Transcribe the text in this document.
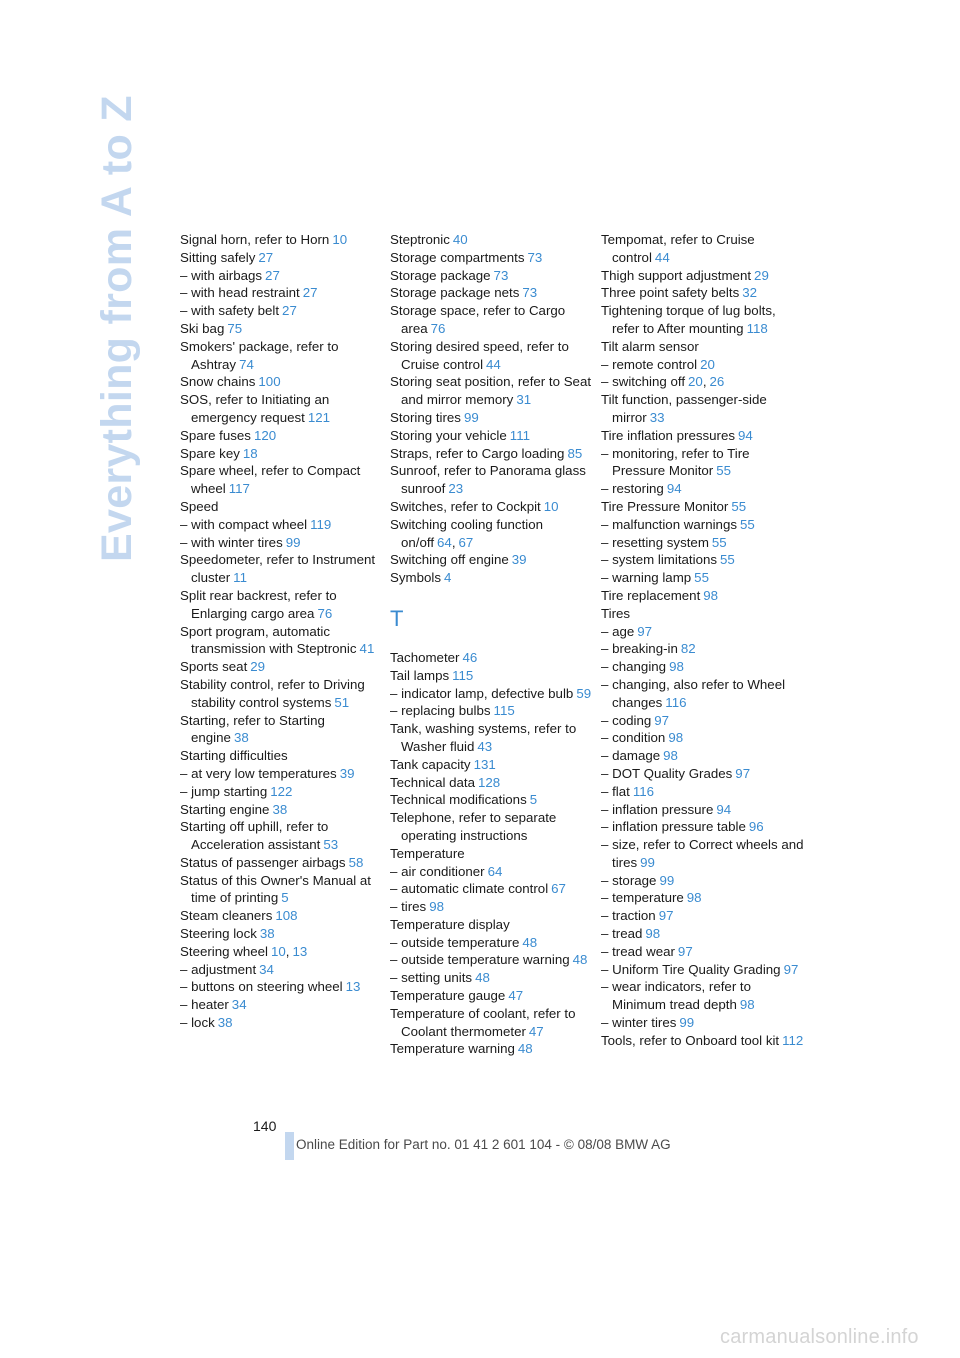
Everything from A to Z	Signal horn, refer to Horn 10
Sitting safely 27
– with airbags 27
– with head restraint 27
– with safety belt 27
Ski bag 75
Smokers' package, refer to Ashtray 74
Snow chains 100
SOS, refer to Initiating an emergency request 121
Spare fuses 120
Spare key 18
Spare wheel, refer to Compact wheel 117
Speed
– with compact wheel 119
– with winter tires 99
Speedometer, refer to Instrument cluster 11
Split rear backrest, refer to Enlarging cargo area 76
Sport program, automatic transmission with Steptronic 41
Sports seat 29
Stability control, refer to Driving stability control systems 51
Starting, refer to Starting engine 38
Starting difficulties
– at very low temperatures 39
– jump starting 122
Starting engine 38
Starting off uphill, refer to Acceleration assistant 53
Status of passenger airbags 58
Status of this Owner's Manual at time of printing 5
Steam cleaners 108
Steering lock 38
Steering wheel 10, 13
– adjustment 34
– buttons on steering wheel 13
– heater 34
– lock 38
Steptronic 40
Storage compartments 73
Storage package 73
Storage package nets 73
Storage space, refer to Cargo area 76
Storing desired speed, refer to Cruise control 44
Storing seat position, refer to Seat and mirror memory 31
Storing tires 99
Storing your vehicle 111
Straps, refer to Cargo loading 85
Sunroof, refer to Panorama glass sunroof 23
Switches, refer to Cockpit 10
Switching cooling function on/off 64, 67
Switching off engine 39
Symbols 4
T
Tachometer 46
Tail lamps 115
– indicator lamp, defective bulb 59
– replacing bulbs 115
Tank, washing systems, refer to Washer fluid 43
Tank capacity 131
Technical data 128
Technical modifications 5
Telephone, refer to separate operating instructions
Temperature
– air conditioner 64
– automatic climate control 67
– tires 98
Temperature display
– outside temperature 48
– outside temperature warning 48
– setting units 48
Temperature gauge 47
Temperature of coolant, refer to Coolant thermometer 47
Temperature warning 48
Tempomat, refer to Cruise control 44
Thigh support adjustment 29
Three point safety belts 32
Tightening torque of lug bolts, refer to After mounting 118
Tilt alarm sensor
– remote control 20
– switching off 20, 26
Tilt function, passenger-side mirror 33
Tire inflation pressures 94
– monitoring, refer to Tire Pressure Monitor 55
– restoring 94
Tire Pressure Monitor 55
– malfunction warnings 55
– resetting system 55
– system limitations 55
– warning lamp 55
Tire replacement 98
Tires
– age 97
– breaking-in 82
– changing 98
– changing, also refer to Wheel changes 116
– coding 97
– condition 98
– damage 98
– DOT Quality Grades 97
– flat 116
– inflation pressure 94
– inflation pressure table 96
– size, refer to Correct wheels and tires 99
– storage 99
– temperature 98
– traction 97
– tread 98
– tread wear 97
– Uniform Tire Quality Grading 97
– wear indicators, refer to Minimum tread depth 98
– winter tires 99
Tools, refer to Onboard tool kit 112
140
Online Edition for Part no. 01 41 2 601 104 - © 08/08 BMW AG
carmanualsonline.info
